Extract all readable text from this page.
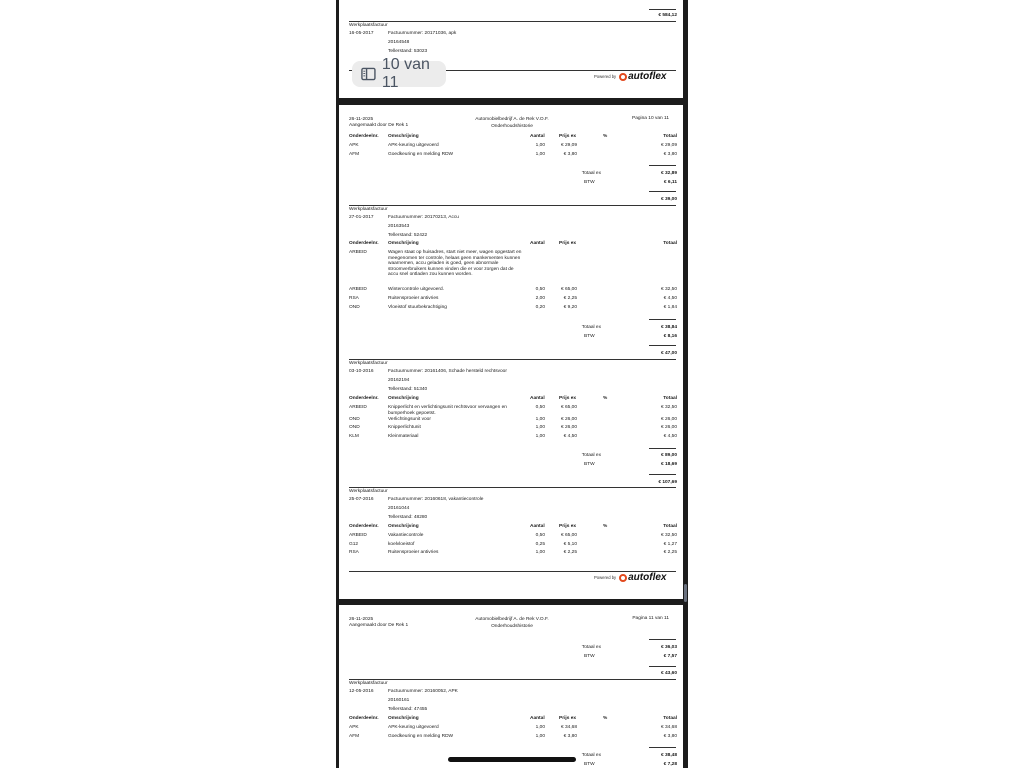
€ 584,12
Werkplaatsfactuur
16-05-2017	Factuurnummer: 20171036, apk
20164548
Tellerstand: 53023
Powered by autoflex
26-11-2025
Aangemaakt door De Rek 1
Automobielbedrijf A. de Rek V.O.F.
Onderhoudshistorie
Pagina 10 van 11
Onderdeelnr. Omschrijving	Aantal	Prijs ex	%	Totaal
APK	APK-keuring uitgevoerd	1,00	€ 29,09	€ 29,09
AFM	Goedkeuring en melding RDW	1,00	€ 3,80	€ 3,80
Totaal ex	€ 32,89
BTW	€ 6,11
€ 39,00
Werkplaatsfactuur
27-01-2017	Factuurnummer: 20170213, Accu
20163543
Tellerstand: 52422
Onderdeelnr. Omschrijving	Aantal	Prijs ex	Totaal
ARBEID	Wagen staat op huisadres, start niet meer, wagen opgestart en meegenomen ter controle, helaas geen mankementen kunnen waarnemen, accu geladen is goed, geen abnormale stroomverbruikers kunnen vinden die er voor zorgen dat de accu snel ontladen zou kunnen worden.
ARBEID	Wintercontrole uitgevoerd.	0,50	€ 65,00	€ 32,50
RSA	Ruitensproeier antivries	2,00	€ 2,25	€ 4,50
OND	Vloeistof stuurbekrachtiging	0,20	€ 9,20	€ 1,84
Totaal ex	€ 38,84
BTW	€ 8,16
€ 47,00
Werkplaatsfactuur
03-10-2016	Factuurnummer: 20161406, Schade hersteld rechtsvoor
20162194
Tellerstand: 51340
Onderdeelnr. Omschrijving	Aantal	Prijs ex	%	Totaal
ARBEID	Knipperlicht en verlichtingsunit rechtsvoor vervangen en bumperhoek gepoetst.
0,50	€ 65,00	€ 32,50
OND	Verlichtingsunit voor	1,00	€ 26,00	€ 26,00
OND	Knipperlichtunit	1,00	€ 26,00	€ 26,00
KLM	Kleinmateriaal	1,00	€ 4,50	€ 4,50
Totaal ex	€ 89,00
BTW	€ 18,69
€ 107,69
Werkplaatsfactuur
25-07-2016	Factuurnummer: 20160618, vakantiecontrole
20161044
Tellerstand: 48280
Onderdeelnr. Omschrijving	Aantal	Prijs ex	%	Totaal
ARBEID	Vakantiecontrole	0,50	€ 65,00	€ 32,50
G12	koelvloeistof	0,25	€ 5,10	€ 1,27
RSA	Ruitensproeier antivries	1,00	€ 2,25	€ 2,25
Powered by autoflex
26-11-2025
Aangemaakt door De Rek 1
Automobielbedrijf A. de Rek V.O.F.
Onderhoudshistorie
Pagina 11 van 11
Totaal ex	€ 36,03
BTW	€ 7,57
€ 43,60
Werkplaatsfactuur
12-05-2016	Factuurnummer: 20160052, APK
20160161
Tellerstand: 47455
Onderdeelnr. Omschrijving	Aantal	Prijs ex	%	Totaal
APK	APK-keuring uitgevoerd	1,00	€ 34,68	€ 34,68
AFM	Goedkeuring en melding RDW	1,00	€ 3,80	€ 3,80
Totaal ex	€ 38,48
BTW	€ 7,28
10 van 11
